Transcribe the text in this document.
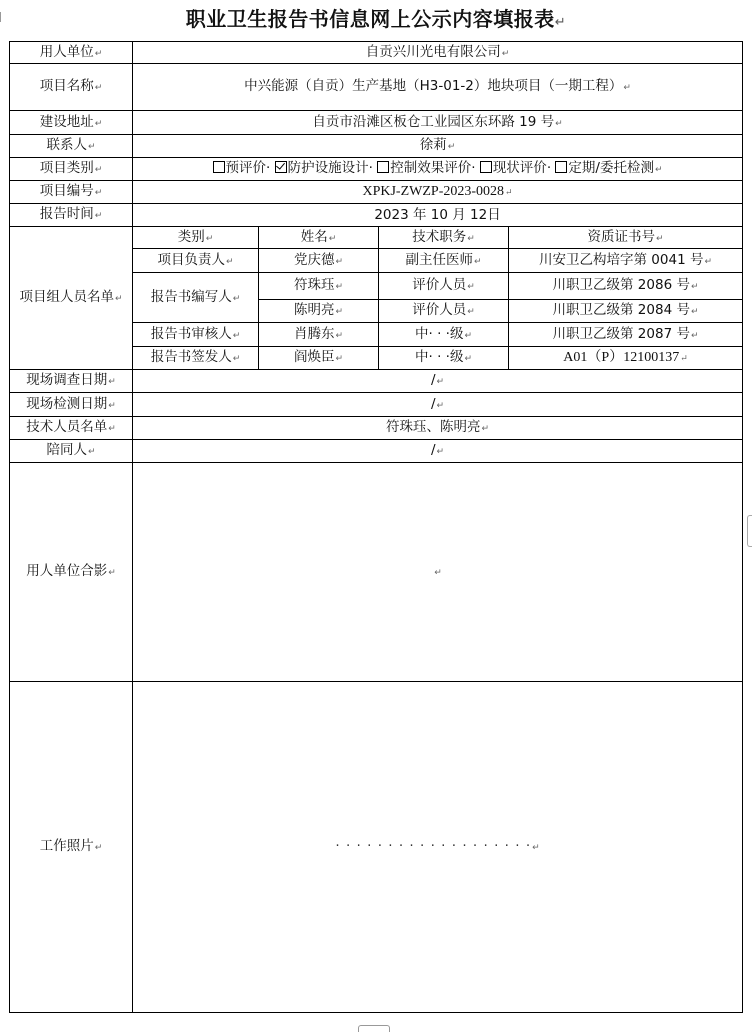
职业卫生报告书信息网上公示内容填报表↵
用人单位↵	自贡兴川光电有限公司↵			
项目名称↵	中兴能源（自贡）生产基地（H3-01-2）地块项目（一期工程）↵			
建设地址↵	自贡市沿滩区板仓工业园区东环路 19 号↵			
联系人↵	徐莉↵			
项目类别↵	预评价· 防护设施设计· 控制效果评价· 现状评价· 定期/委托检测↵			
项目编号↵	XPKJ-ZWZP-2023-0028↵			
报告时间↵	2023 年 10 月 12日			
项目组人员名单↵	类别↵	姓名↵	技术职务↵	资质证书号↵
	项目负责人↵	党庆德↵	副主任医师↵	川安卫乙构培字第 0041 号↵
	报告书编写人↵	符珠珏↵	评价人员↵	川职卫乙级第 2086 号↵
		陈明亮↵	评价人员↵	川职卫乙级第 2084 号↵
	报告书审核人↵	肖腾东↵	中· · ·级↵	川职卫乙级第 2087 号↵
	报告书签发人↵	阎焕臣↵	中· · ·级↵	A01（P）12100137↵
现场调查日期↵	/↵			
现场检测日期↵	/↵			
技术人员名单↵	符珠珏、陈明亮↵			
陪同人↵	/↵			
用人单位合影↵	↵			
工作照片↵	· · · · · · · · · · · · · · · · · · ·↵			
